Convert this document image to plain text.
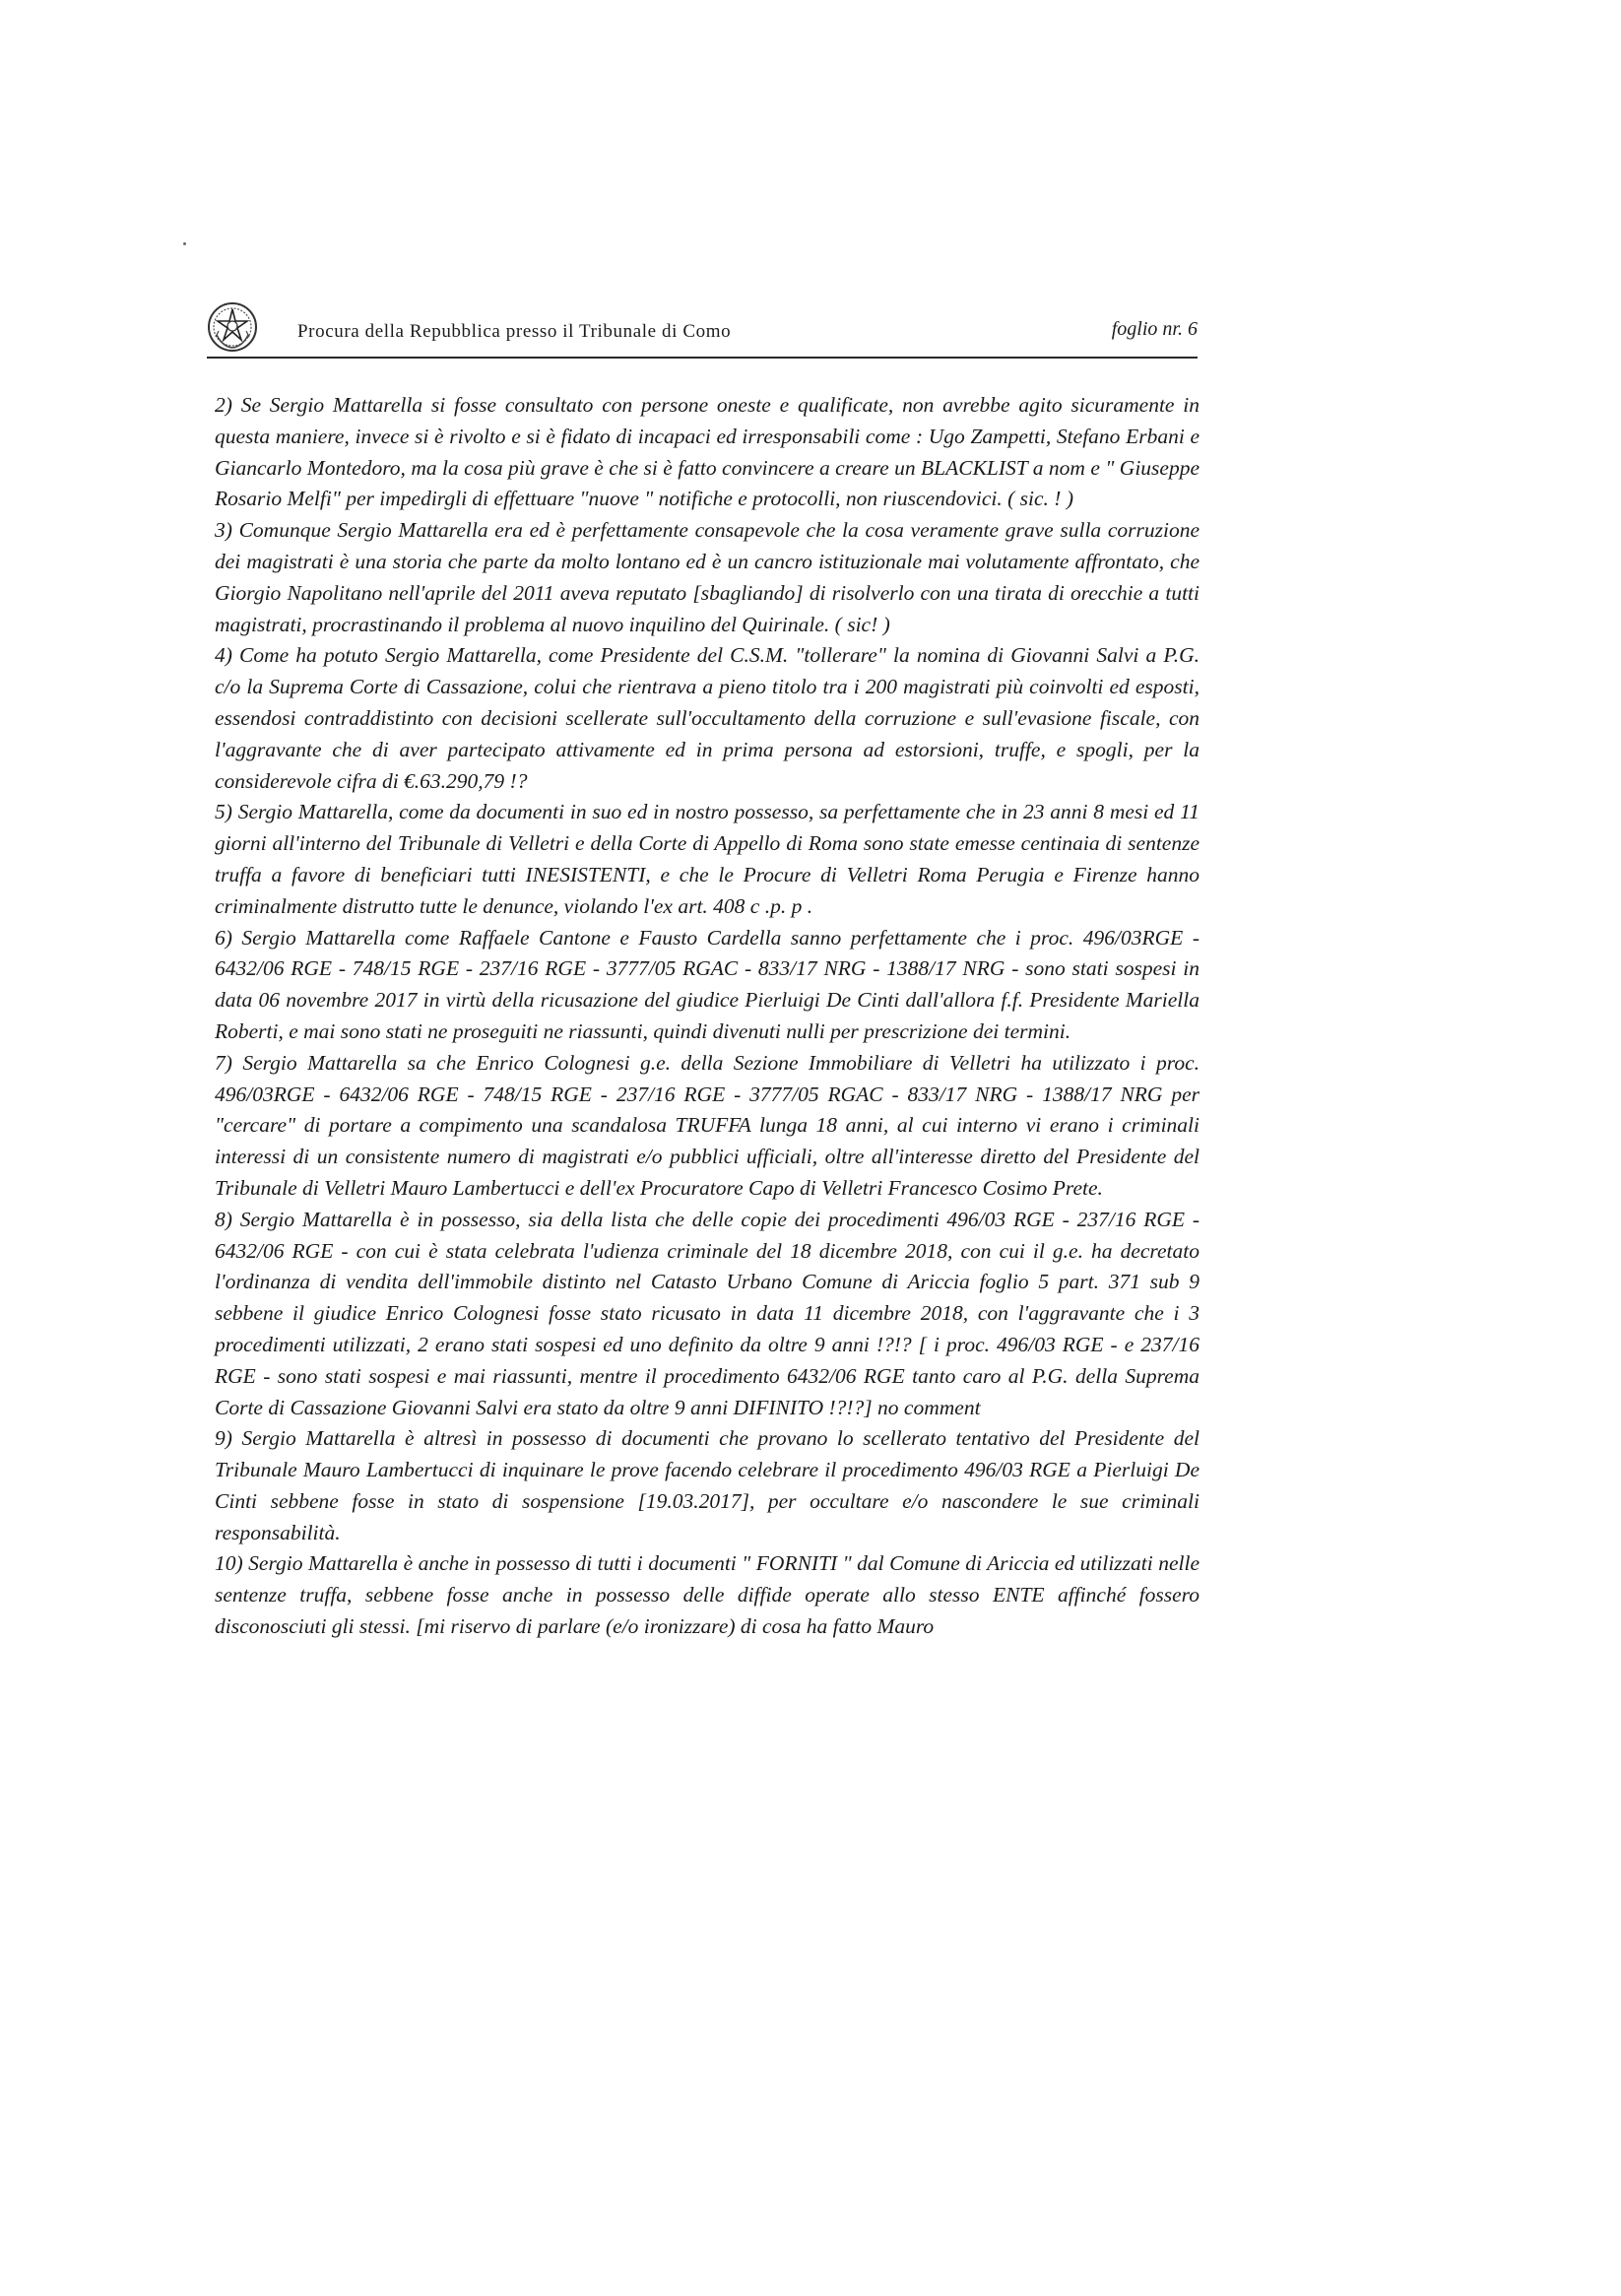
Procura della Repubblica presso il Tribunale di Como	foglio nr. 6

2) Se Sergio Mattarella si fosse consultato con persone oneste e qualificate, non avrebbe agito sicuramente in questa maniere, invece si è rivolto e si è fidato di incapaci ed irresponsabili come : Ugo Zampetti, Stefano Erbani e Giancarlo Montedoro, ma la cosa più grave è che si è fatto convincere a creare un BLACKLIST a nom e " Giuseppe Rosario Melfi" per impedirgli di effettuare "nuove " notifiche e protocolli, non riuscendovici. ( sic. ! )

3) Comunque Sergio Mattarella era ed è perfettamente consapevole che la cosa veramente grave sulla corruzione dei magistrati è una storia che parte da molto lontano ed è un cancro istituzionale mai volutamente affrontato, che Giorgio Napolitano nell'aprile del 2011 aveva reputato [sbagliando] di risolverlo con una tirata di orecchie a tutti magistrati, procrastinando il problema al nuovo inquilino del Quirinale. ( sic! )

4) Come ha potuto Sergio Mattarella, come Presidente del C.S.M. "tollerare" la nomina di Giovanni Salvi a P.G. c/o la Suprema Corte di Cassazione, colui che rientrava a pieno titolo tra i 200 magistrati più coinvolti ed esposti, essendosi contraddistinto con decisioni scellerate sull'occultamento della corruzione e sull'evasione fiscale, con l'aggravante che di aver partecipato attivamente ed in prima persona ad estorsioni, truffe, e spogli, per la considerevole cifra di €.63.290,79 !?

5) Sergio Mattarella, come da documenti in suo ed in nostro possesso, sa perfettamente che in 23 anni 8 mesi ed 11 giorni all'interno del Tribunale di Velletri e della Corte di Appello di Roma sono state emesse centinaia di sentenze truffa a favore di beneficiari tutti INESISTENTI, e che le Procure di Velletri Roma Perugia e Firenze hanno criminalmente distrutto tutte le denunce, violando l'ex art. 408 c .p. p .

6) Sergio Mattarella come Raffaele Cantone e Fausto Cardella sanno perfettamente che i proc. 496/03RGE - 6432/06 RGE - 748/15 RGE - 237/16 RGE - 3777/05 RGAC - 833/17 NRG - 1388/17 NRG - sono stati sospesi in data 06 novembre 2017 in virtù della ricusazione del giudice Pierluigi De Cinti dall'allora f.f. Presidente Mariella Roberti, e mai sono stati ne proseguiti ne riassunti, quindi divenuti nulli per prescrizione dei termini.

7) Sergio Mattarella sa che Enrico Colognesi g.e. della Sezione Immobiliare di Velletri ha utilizzato i proc. 496/03RGE - 6432/06 RGE - 748/15 RGE - 237/16 RGE - 3777/05 RGAC - 833/17 NRG - 1388/17 NRG per "cercare" di portare a compimento una scandalosa TRUFFA lunga 18 anni, al cui interno vi erano i criminali interessi di un consistente numero di magistrati e/o pubblici ufficiali, oltre all'interesse diretto del Presidente del Tribunale di Velletri Mauro Lambertucci e dell'ex Procuratore Capo di Velletri Francesco Cosimo Prete.

8) Sergio Mattarella è in possesso, sia della lista che delle copie dei procedimenti 496/03 RGE - 237/16 RGE - 6432/06 RGE - con cui è stata celebrata l'udienza criminale del 18 dicembre 2018, con cui il g.e. ha decretato l'ordinanza di vendita dell'immobile distinto nel Catasto Urbano Comune di Ariccia foglio 5 part. 371 sub 9 sebbene il giudice Enrico Colognesi fosse stato ricusato in data 11 dicembre 2018, con l'aggravante che i 3 procedimenti utilizzati, 2 erano stati sospesi ed uno definito da oltre 9 anni !?!? [ i proc. 496/03 RGE - e 237/16 RGE - sono stati sospesi e mai riassunti, mentre il procedimento 6432/06 RGE tanto caro al P.G. della Suprema Corte di Cassazione Giovanni Salvi era stato da oltre 9 anni DIFINITO !?!?] no comment

9) Sergio Mattarella è altresì in possesso di documenti che provano lo scellerato tentativo del Presidente del Tribunale Mauro Lambertucci di inquinare le prove facendo celebrare il procedimento 496/03 RGE a Pierluigi De Cinti sebbene fosse in stato di sospensione [19.03.2017], per occultare e/o nascondere le sue criminali responsabilità.

10) Sergio Mattarella è anche in possesso di tutti i documenti " FORNITI " dal Comune di Ariccia ed utilizzati nelle sentenze truffa, sebbene fosse anche in possesso delle diffide operate allo stesso ENTE affinché fossero disconosciuti gli stessi. [mi riservo di parlare (e/o ironizzare) di cosa ha fatto Mauro
